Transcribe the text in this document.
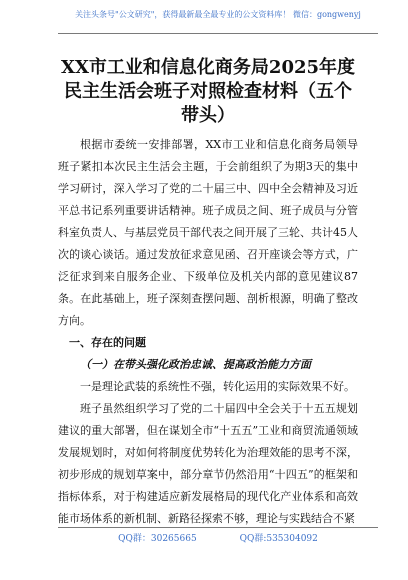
关注头条号"公文研究"，获得最新最全最专业的公文资料库！ 微信：gongwenyj
XX市工业和信息化商务局2025年度民主生活会班子对照检查材料（五个带头）

根据市委统一安排部署，XX市工业和信息化商务局领导班子紧扣本次民主生活会主题，于会前组织了为期3天的集中学习研讨，深入学习了党的二十届三中、四中全会精神及习近平总书记系列重要讲话精神。班子成员之间、班子成员与分管科室负责人、与基层党员干部代表之间开展了三轮、共计45人次的谈心谈话。通过发放征求意见函、召开座谈会等方式，广泛征求到来自服务企业、下级单位及机关内部的意见建议87条。在此基础上，班子深刻查摆问题、剖析根源，明确了整改方向。

一、存在的问题

（一）在带头强化政治忠诚、提高政治能力方面

一是理论武装的系统性不强，转化运用的实际效果不好。

班子虽然组织学习了党的二十届四中全会关于十五五规划建议的重大部署，但在谋划全市“十五五”工业和商贸流通领域发展规划时，对如何将制度优势转化为治理效能的思考不深，初步形成的规划草案中，部分章节仍然沿用“十四五”的框架和指标体系，对于构建适应新发展格局的现代化产业体系和高效能市场体系的新机制、新路径探索不够，理论与实践结合不紧

QQ群：30265665	QQ群:535304092
